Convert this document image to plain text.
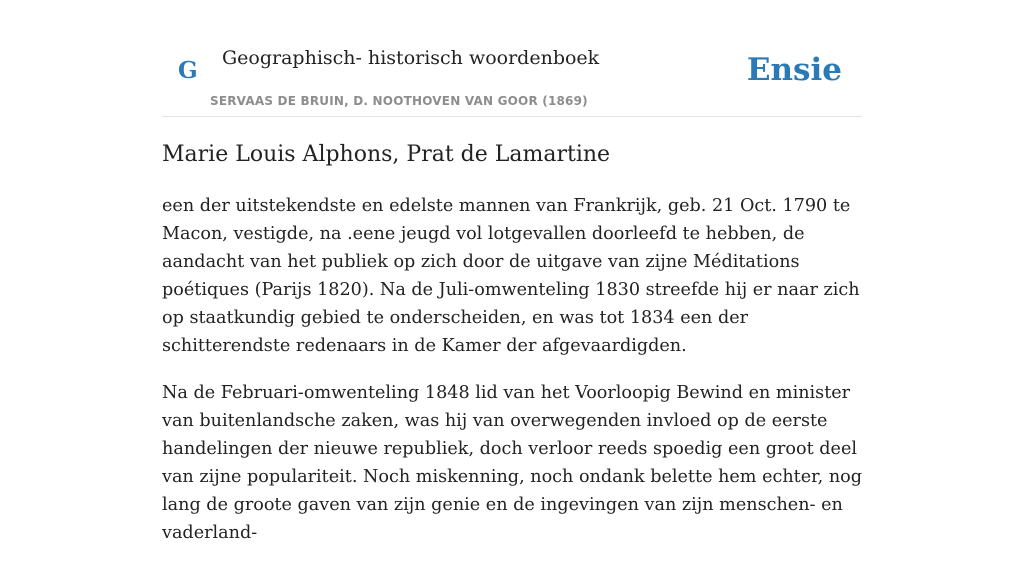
G	Geographisch- historisch woordenboek
SERVAAS DE BRUIN, D. NOOTHOVEN VAN GOOR (1869)
Ensie
Marie Louis Alphons, Prat de Lamartine

een der uitstekendste en edelste mannen van Frankrijk, geb. 21 Oct. 1790 te Macon, vestigde, na .eene jeugd vol lotgevallen doorleefd te hebben, de aandacht van het publiek op zich door de uitgave van zijne Méditations poétiques (Parijs 1820). Na de Juli-omwenteling 1830 streefde hij er naar zich op staatkundig gebied te onderscheiden, en was tot 1834 een der schitterendste redenaars in de Kamer der afgevaardigden.

Na de Februari-omwenteling 1848 lid van het Voorloopig Bewind en minister van buitenlandsche zaken, was hij van overwegenden invloed op de eerste handelingen der nieuwe republiek, doch verloor reeds spoedig een groot deel van zijne populariteit. Noch miskenning, noch ondank belette hem echter, nog lang de groote gaven van zijn genie en de ingevingen van zijn menschen- en vaderland-
